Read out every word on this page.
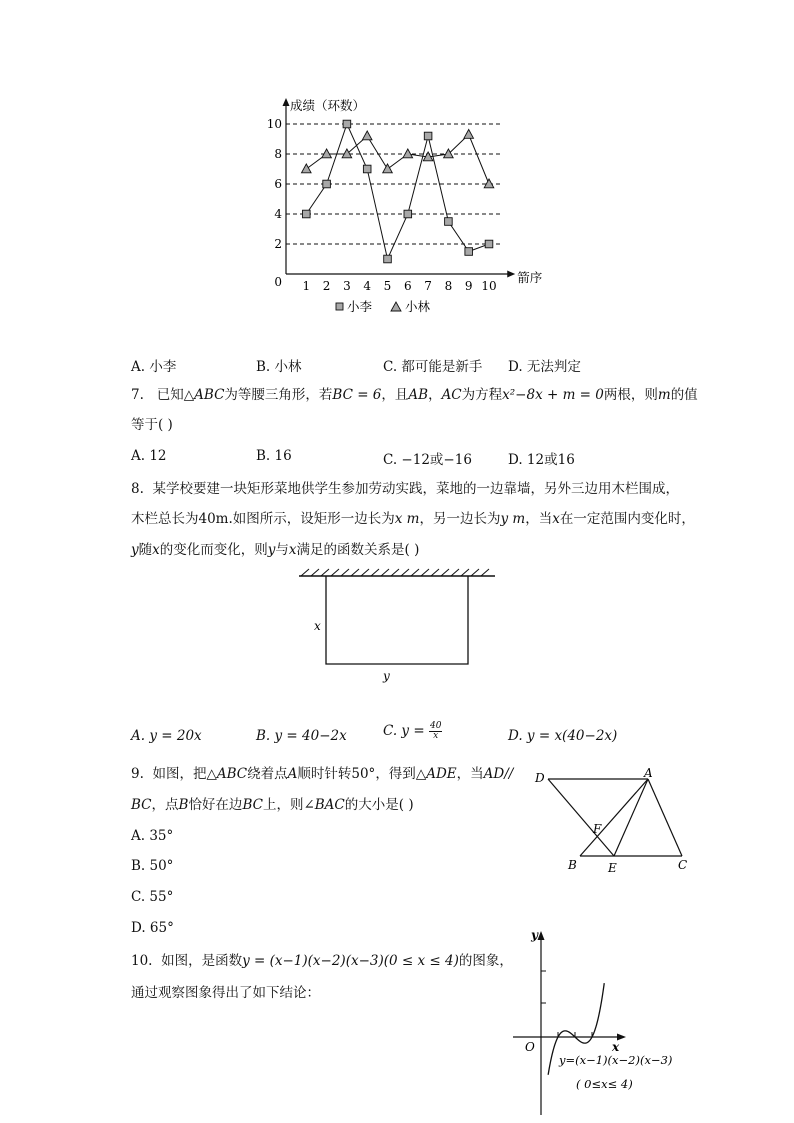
2
4
6
8
10
1 2 3 4 5 6 7 8 9 10
0
成绩（环数）
箭序
小李	小林
A. 小李	B. 小林	C. 都可能是新手 D. 无法判定
7. 已知△ABC为等腰三角形，若BC = 6，且AB，AC为方程x²−8x + m = 0两根，则m的值
等于( )
A. 12	B. 16	C. −12或−16	D. 12或16
8. 某学校要建一块矩形菜地供学生参加劳动实践，菜地的一边靠墙，另外三边用木栏围成，
木栏总长为40m.如图所示，设矩形一边长为x m，另一边长为y m，当x在一定范围内变化时，
y随x的变化而变化，则y与x满足的函数关系是( )
x
y
A. y = 20x	B. y = 40−2x	C. $y = \frac{40}{x}$	D. y = x(40−2x)
9. 如图，把△ABC绕着点A顺时针转50°，得到△ADE，当AD//
BC，点B恰好在边BC上，则∠BAC的大小是( )
A. 35°
B. 50°
C. 55°
D. 65°
D	A
F
B	E	C
10. 如图，是函数y = (x−1)(x−2)(x−3)(0 ≤ x ≤ 4)的图象，
通过观察图象得出了如下结论：
y
x
O
y=(x−1)(x−2)(x−3)
( 0≤x≤ 4)
